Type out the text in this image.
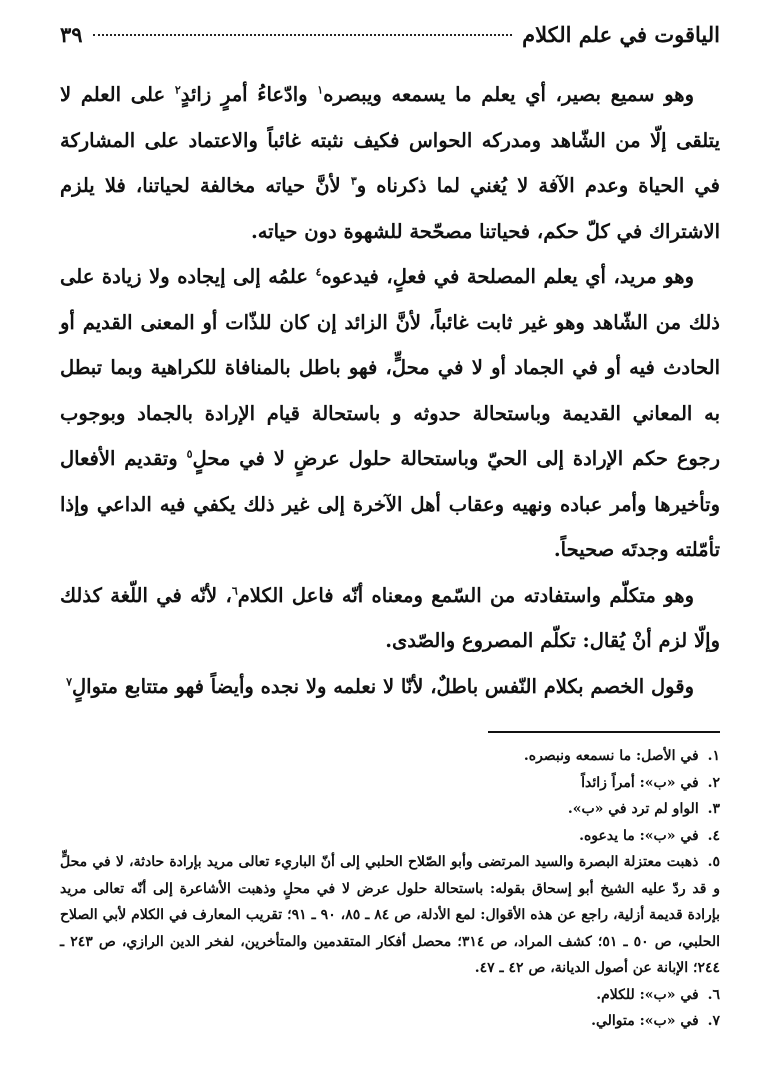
الياقوت في علم الكلام
٣٩

وهو سميع بصير، أي يعلم ما يسمعه ويبصره$^١$ وادّعاءُ أمرٍ زائدٍ$^٢$ على العلم لا يتلقى إلّا من الشّاهد ومدركه الحواس فكيف نثبته غائباً والاعتماد على المشاركة في الحياة وعدم الآفة لا يُغني لما ذكرناه و$^٣$ لأنَّ حياته مخالفة لحياتنا، فلا يلزم الاشتراك في كلّ حكم، فحياتنا مصحّحة للشهوة دون حياته.

وهو مريد، أي يعلم المصلحة في فعلٍ، فيدعوه$^٤$ علمُه إلى إيجاده ولا زيادة على ذلك من الشّاهد وهو غير ثابت غائباً، لأنَّ الزائد إن كان للذّات أو المعنى القديم أو الحادث فيه أو في الجماد أو لا في محلٍّ، فهو باطل بالمنافاة للكراهية وبما تبطل به المعاني القديمة وباستحالة حدوثه و باستحالة قيام الإرادة بالجماد وبوجوب رجوع حكم الإرادة إلى الحيّ وباستحالة حلول عرضٍ لا في محلٍ$^٥$ وتقديم الأفعال وتأخيرها وأمر عباده ونهيه وعقاب أهل الآخرة إلى غير ذلك يكفي فيه الداعي وإذا تأمّلته وجدتَه صحيحاً.

وهو متكلّم واستفادته من السّمع ومعناه أنّه فاعل الكلام$^٦$، لأنّه في اللّغة كذلك وإلّا لزم أنْ يُقال: تكلّم المصروع والصّدى.

وقول الخصم بكلام النّفس باطلٌ، لأنّا لا نعلمه ولا نجده وأيضاً فهو متتابع متوالٍ$^٧$

١. في الأصل: ما نسمعه ونبصره.

٢. في «ب»: أمراً زائداً

٣. الواو لم ترد في «ب».

٤. في «ب»: ما يدعوه.

٥. ذهبت معتزلة البصرة والسيد المرتضى وأبو الصّلاح الحلبي إلى أنّ الباريء تعالى مريد بإرادة حادثة، لا في محلٍّ و قد ردّ عليه الشيخ أبو إسحاق بقوله: باستحالة حلول عرض لا في محلٍ وذهبت الأشاعرة إلى أنّه تعالى مريد بإرادة قديمة أزلية، راجع عن هذه الأقوال: لمع الأدلة، ص ٨٤ ـ ٨٥، ٩٠ ـ ٩١؛ تقريب المعارف في الكلام لأبي الصلاح الحلبي، ص ٥٠ ـ ٥١؛ كشف المراد، ص ٣١٤؛ محصل أفكار المتقدمين والمتأخرين، لفخر الدين الرازي، ص ٢٤٣ ـ ٢٤٤؛ الإبانة عن أصول الديانة، ص ٤٢ ـ ٤٧.

٦. في «ب»: للكلام.

٧. في «ب»: متوالي.
